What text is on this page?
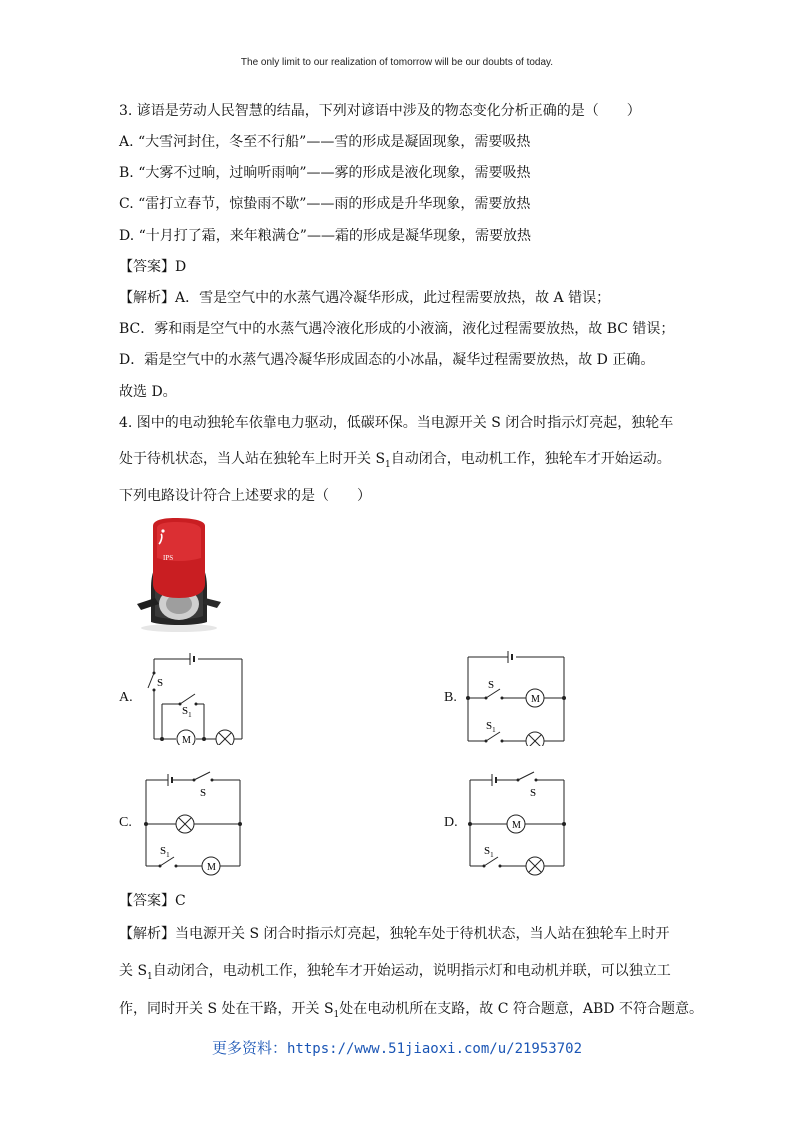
The only limit to our realization of tomorrow will be our doubts of today.
3. 谚语是劳动人民智慧的结晶，下列对谚语中涉及的物态变化分析正确的是（　　）
A. “大雪河封住，冬至不行船”——雪的形成是凝固现象，需要吸热
B. “大雾不过晌，过晌听雨响”——雾的形成是液化现象，需要吸热
C. “雷打立春节，惊蛰雨不歇”——雨的形成是升华现象，需要放热
D. “十月打了霜，来年粮满仓”——霜的形成是凝华现象，需要放热
【答案】D
【解析】A．雪是空气中的水蒸气遇冷凝华形成，此过程需要放热，故 A 错误；
BC．雾和雨是空气中的水蒸气遇冷液化形成的小液滴，液化过程需要放热，故 BC 错误；
D．霜是空气中的水蒸气遇冷凝华形成固态的小冰晶，凝华过程需要放热，故 D 正确。
故选 D。
4. 图中的电动独轮车依靠电力驱动，低碳环保。当电源开关 S 闭合时指示灯亮起，独轮车
处于待机状态，当人站在独轮车上时开关 $S_1$自动闭合，电动机工作，独轮车才开始运动。
下列电路设计符合上述要求的是（　　）
IPS
A.
S
$S_1$
M
B.
S
$S_1$
M
C.
S
$S_1$
M
D.
S
$S_1$
M
【答案】C
【解析】当电源开关 S 闭合时指示灯亮起，独轮车处于待机状态，当人站在独轮车上时开
关 $S_1$自动闭合，电动机工作，独轮车才开始运动，说明指示灯和电动机并联，可以独立工
作，同时开关 S 处在干路，开关 $S_1$处在电动机所在支路，故 C 符合题意，ABD 不符合题意。
更多资料：https://www.51jiaoxi.com/u/21953702
